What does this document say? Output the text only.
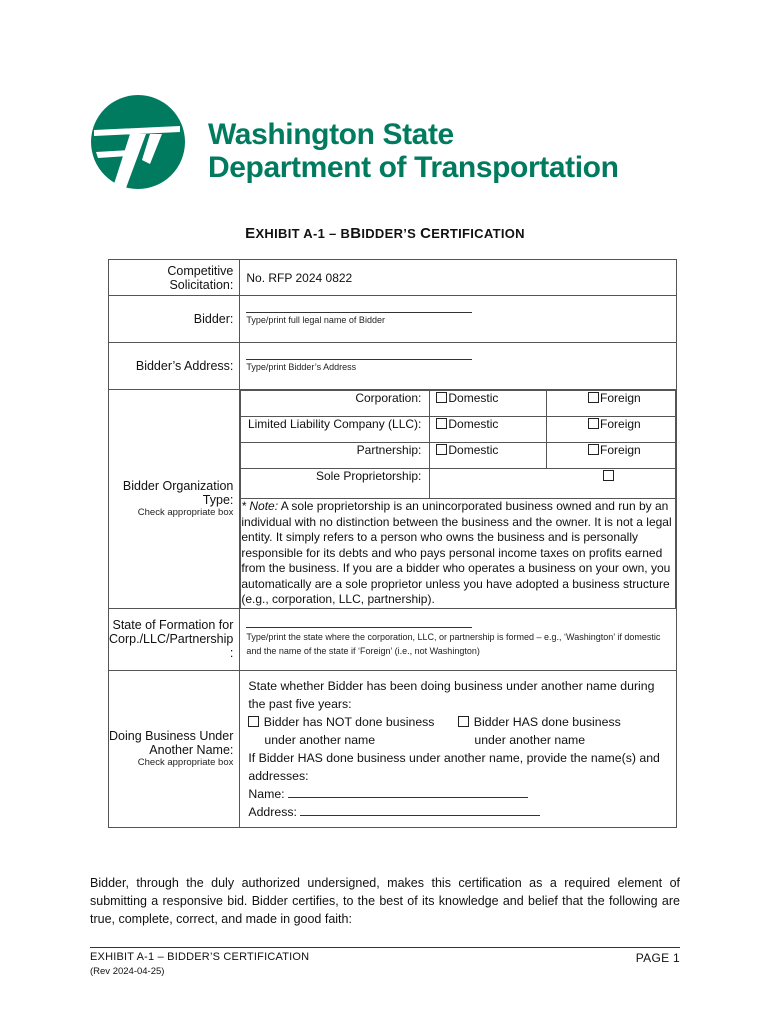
Washington State
Department of Transportation
EXHIBIT A-1 – BBIDDER’S CERTIFICATION
Competitive Solicitation:	No. RFP 2024 0822
Bidder:	Type/print full legal name of Bidder

Bidder’s Address:	Type/print Bidder’s Address

Bidder Organization Type:
Check appropriate box

Corporation:	Domestic	Foreign
Limited Liability Company (LLC):	Domestic	Foreign
Partnership:	Domestic	Foreign
Sole Proprietorship:	
* Note: A sole proprietorship is an unincorporated business owned and run by an individual with no distinction between the business and the owner. It is not a legal entity. It simply refers to a person who owns the business and is personally responsible for its debts and who pays personal income taxes on profits earned from the business. If you are a bidder who operates a business on your own, you automatically are a sole proprietor unless you have adopted a business structure (e.g., corporation, LLC, partnership).

State of Formation for
Corp./LLC/Partnership :

Type/print the state where the corporation, LLC, or partnership is formed – e.g., ‘Washington’ if domestic and the name of the state if ‘Foreign’ (i.e., not Washington)

Doing Business Under
Another Name:
Check appropriate box

State whether Bidder has been doing business under another name during the past five years:
Bidder has NOT done business
under another name
Bidder HAS done business
under another name
If Bidder HAS done business under another name, provide the name(s) and addresses:
Name:
Address:
Bidder, through the duly authorized undersigned, makes this certification as a required element of submitting a responsive bid. Bidder certifies, to the best of its knowledge and belief that the following are true, complete, correct, and made in good faith:
EXHIBIT A-1 – BIDDER’S CERTIFICATION	PAGE 1
(Rev 2024-04-25)
